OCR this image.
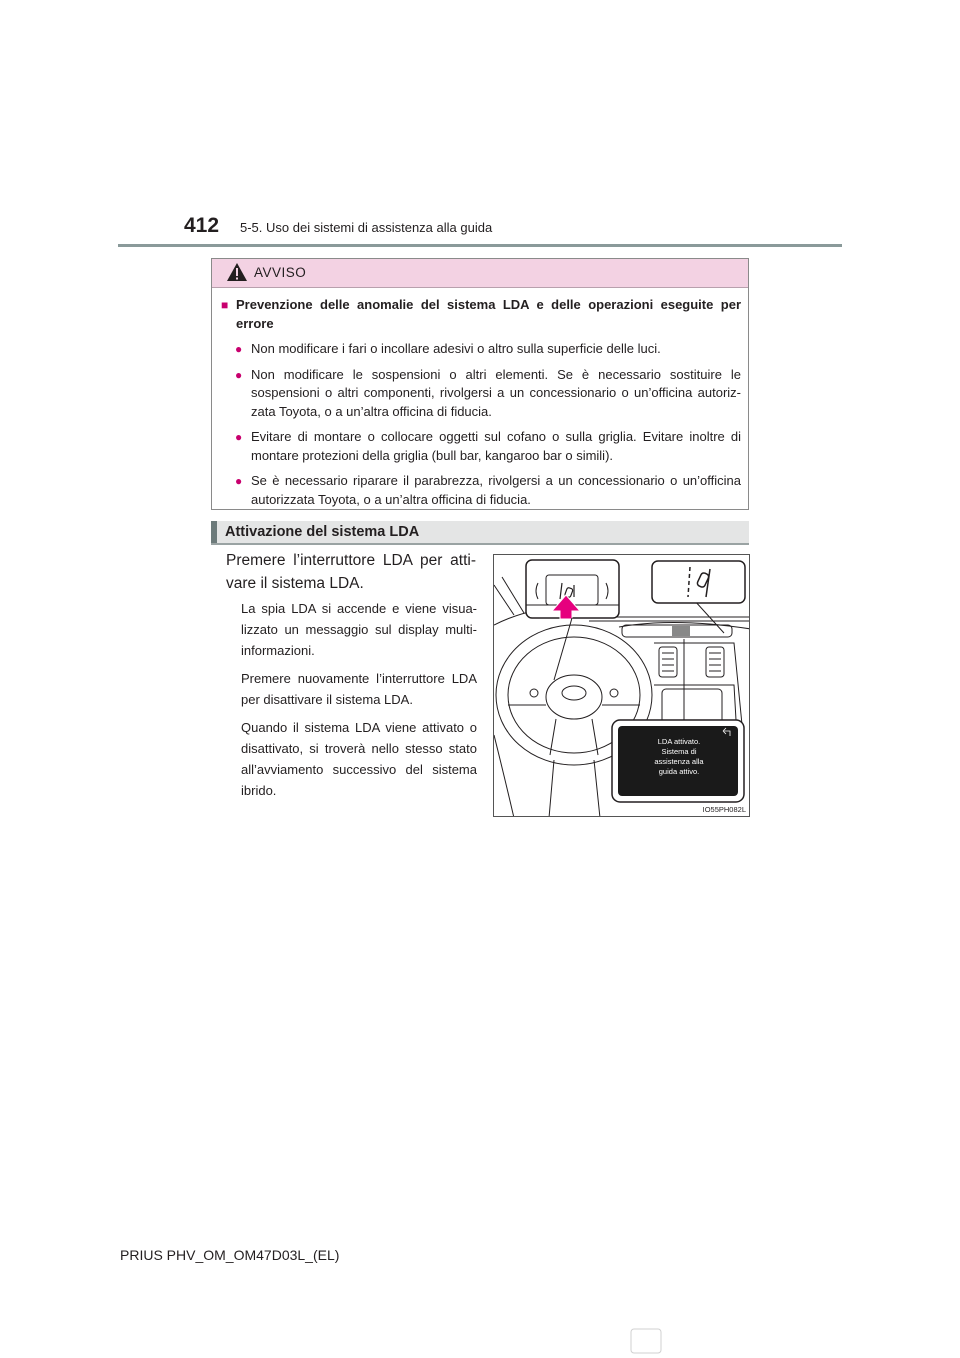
412 5-5. Uso dei sistemi di assistenza alla guida
AVVISO
■ Prevenzione delle anomalie del sistema LDA e delle operazioni eseguite per errore
● Non modificare i fari o incollare adesivi o altro sulla superficie delle luci.
● Non modificare le sospensioni o altri elementi. Se è necessario sostituire le sospensioni o altri componenti, rivolgersi a un concessionario o un’officina autoriz-zata Toyota, o a un’altra officina di fiducia.
● Evitare di montare o collocare oggetti sul cofano o sulla griglia. Evitare inoltre di montare protezioni della griglia (bull bar, kangaroo bar o simili).
● Se è necessario riparare il parabrezza, rivolgersi a un concessionario o un’officina autorizzata Toyota, o a un’altra officina di fiducia.
Attivazione del sistema LDA
Premere l’interruttore LDA per atti-vare il sistema LDA.

La spia LDA si accende e viene visua-lizzato un messaggio sul display multi-informazioni.

Premere nuovamente l’interruttore LDA per disattivare il sistema LDA.

Quando il sistema LDA viene attivato o disattivato, si troverà nello stesso stato all’avviamento successivo del sistema ibrido.

LDA attivato.
Sistema di
assistenza alla
guida attivo.
IO55PH082L
PRIUS PHV_OM_OM47D03L_(EL)
